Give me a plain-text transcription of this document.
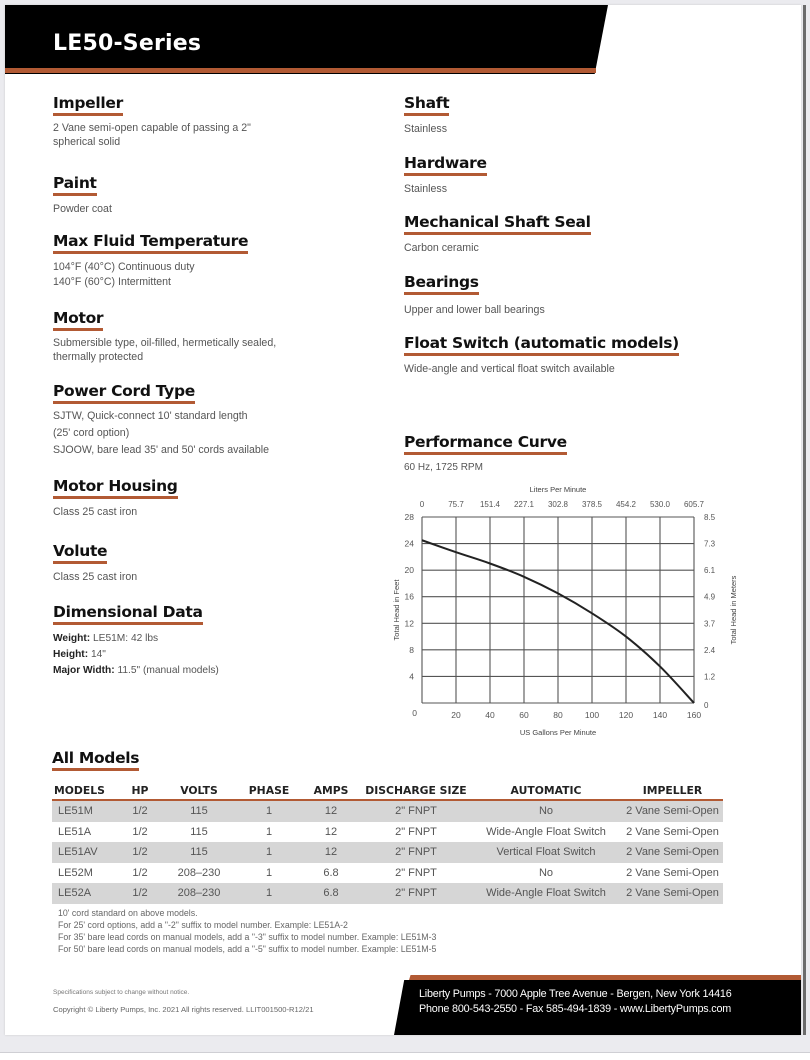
LE50-Series
Impeller

2 Vane semi-open capable of passing a 2"
spherical solid

Paint

Powder coat

Max Fluid Temperature

104°F (40°C) Continuous duty
140°F (60°C) Intermittent

Motor

Submersible type, oil-filled, hermetically sealed,
thermally protected

Power Cord Type

SJTW, Quick-connect 10' standard length
(25' cord option)
SJOOW, bare lead 35' and 50' cords available

Motor Housing

Class 25 cast iron

Volute

Class 25 cast iron

Dimensional Data
Weight: LE51M: 42 lbs
Height: 14"
Major Width: 11.5" (manual models)
Shaft

Stainless

Hardware

Stainless

Mechanical Shaft Seal

Carbon ceramic

Bearings

Upper and lower ball bearings

Float Switch (automatic models)

Wide-angle and vertical float switch available

Performance Curve

60 Hz, 1725 RPM

20	40	60	80	100 120 140 160
0
0	75.7 151.4 227.1 302.8 378.5 454.2 530.0 605.7
0
4	1.2
8	2.4
12	3.7
16	4.9
20	6.1
24	7.3
28	8.5
Liters Per Minute
US Gallons Per Minute
Total Head in Feet	Total Head in Meters
All Models
MODELS	HP	VOLTS	PHASE	AMPS	DISCHARGE SIZE	AUTOMATIC	IMPELLER
LE51M	1/2	115	1	12	2" FNPT	No	2 Vane Semi-Open
LE51A	1/2	115	1	12	2" FNPT	Wide-Angle Float Switch	2 Vane Semi-Open
LE51AV	1/2	115	1	12	2" FNPT	Vertical Float Switch	2 Vane Semi-Open
LE52M	1/2	208–230	1	6.8	2" FNPT	No	2 Vane Semi-Open
LE52A	1/2	208–230	1	6.8	2" FNPT	Wide-Angle Float Switch	2 Vane Semi-Open
10' cord standard on above models.
For 25' cord options, add a "-2" suffix to model number. Example: LE51A-2
For 35' bare lead cords on manual models, add a "-3" suffix to model number. Example: LE51M-3
For 50' bare lead cords on manual models, add a "-5" suffix to model number. Example: LE51M-5
Specifications subject to change without notice.
Copyright © Liberty Pumps, Inc. 2021 All rights reserved. LLIT001500-R12/21
Liberty Pumps - 7000 Apple Tree Avenue - Bergen, New York 14416
Phone 800-543-2550 - Fax 585-494-1839 - www.LibertyPumps.com
